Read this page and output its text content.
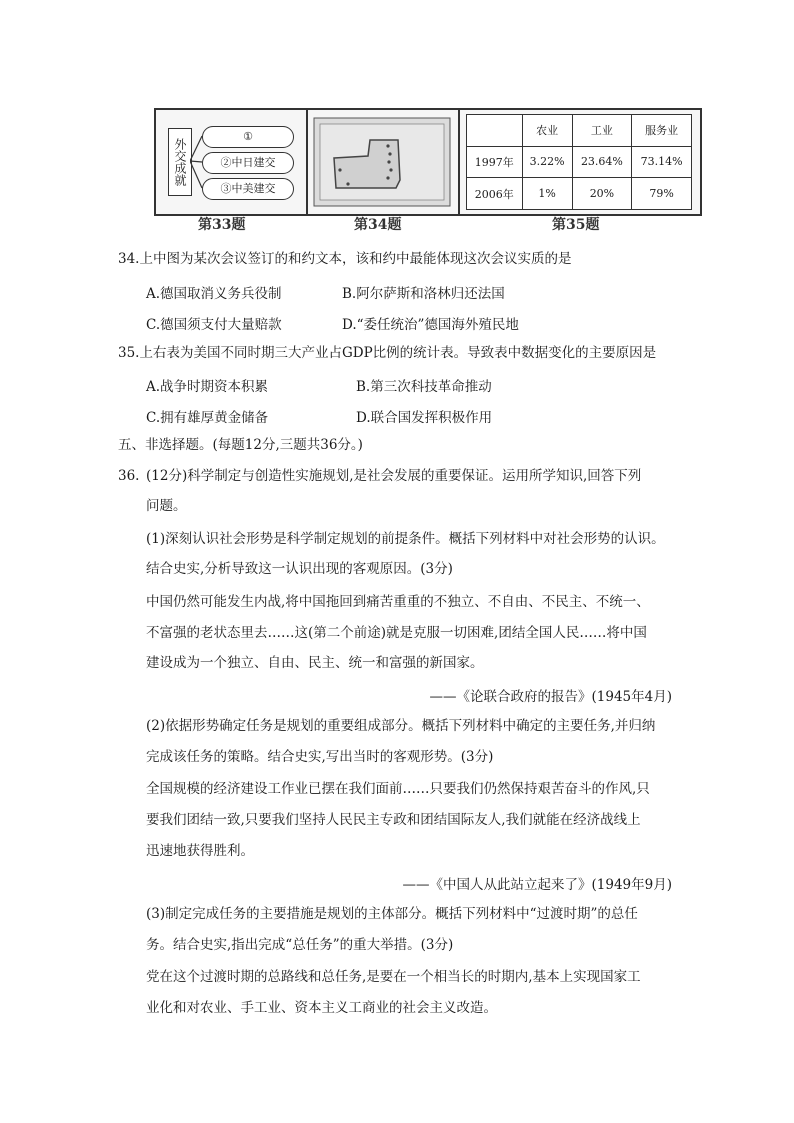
外交成就
①
②中日建交
③中美建交
	农业	工业	服务业
1997年	3.22%	23.64%	73.14%
2006年	1%	20%	79%
第33题	第34题	第35题
34.上中图为某次会议签订的和约文本，该和约中最能体现这次会议实质的是
A.德国取消义务兵役制	B.阿尔萨斯和洛林归还法国
C.德国须支付大量赔款	D.“委任统治”德国海外殖民地
35.上右表为美国不同时期三大产业占GDP比例的统计表。导致表中数据变化的主要原因是
A.战争时期资本积累	B.第三次科技革命推动
C.拥有雄厚黄金储备	D.联合国发挥积极作用
五、非选择题。(每题12分,三题共36分。)
36. (12分)科学制定与创造性实施规划,是社会发展的重要保证。运用所学知识,回答下列
问题。
(1)深刻认识社会形势是科学制定规划的前提条件。概括下列材料中对社会形势的认识。
结合史实,分析导致这一认识出现的客观原因。(3分)
中国仍然可能发生内战,将中国拖回到痛苦重重的不独立、不自由、不民主、不统一、
不富强的老状态里去……这(第二个前途)就是克服一切困难,团结全国人民……将中国
建设成为一个独立、自由、民主、统一和富强的新国家。
——《论联合政府的报告》(1945年4月)
(2)依据形势确定任务是规划的重要组成部分。概括下列材料中确定的主要任务,并归纳
完成该任务的策略。结合史实,写出当时的客观形势。(3分)
全国规模的经济建设工作业已摆在我们面前……只要我们仍然保持艰苦奋斗的作风,只
要我们团结一致,只要我们坚持人民民主专政和团结国际友人,我们就能在经济战线上
迅速地获得胜利。
——《中国人从此站立起来了》(1949年9月)
(3)制定完成任务的主要措施是规划的主体部分。概括下列材料中“过渡时期”的总任
务。结合史实,指出完成“总任务”的重大举措。(3分)
党在这个过渡时期的总路线和总任务,是要在一个相当长的时期内,基本上实现国家工
业化和对农业、手工业、资本主义工商业的社会主义改造。
